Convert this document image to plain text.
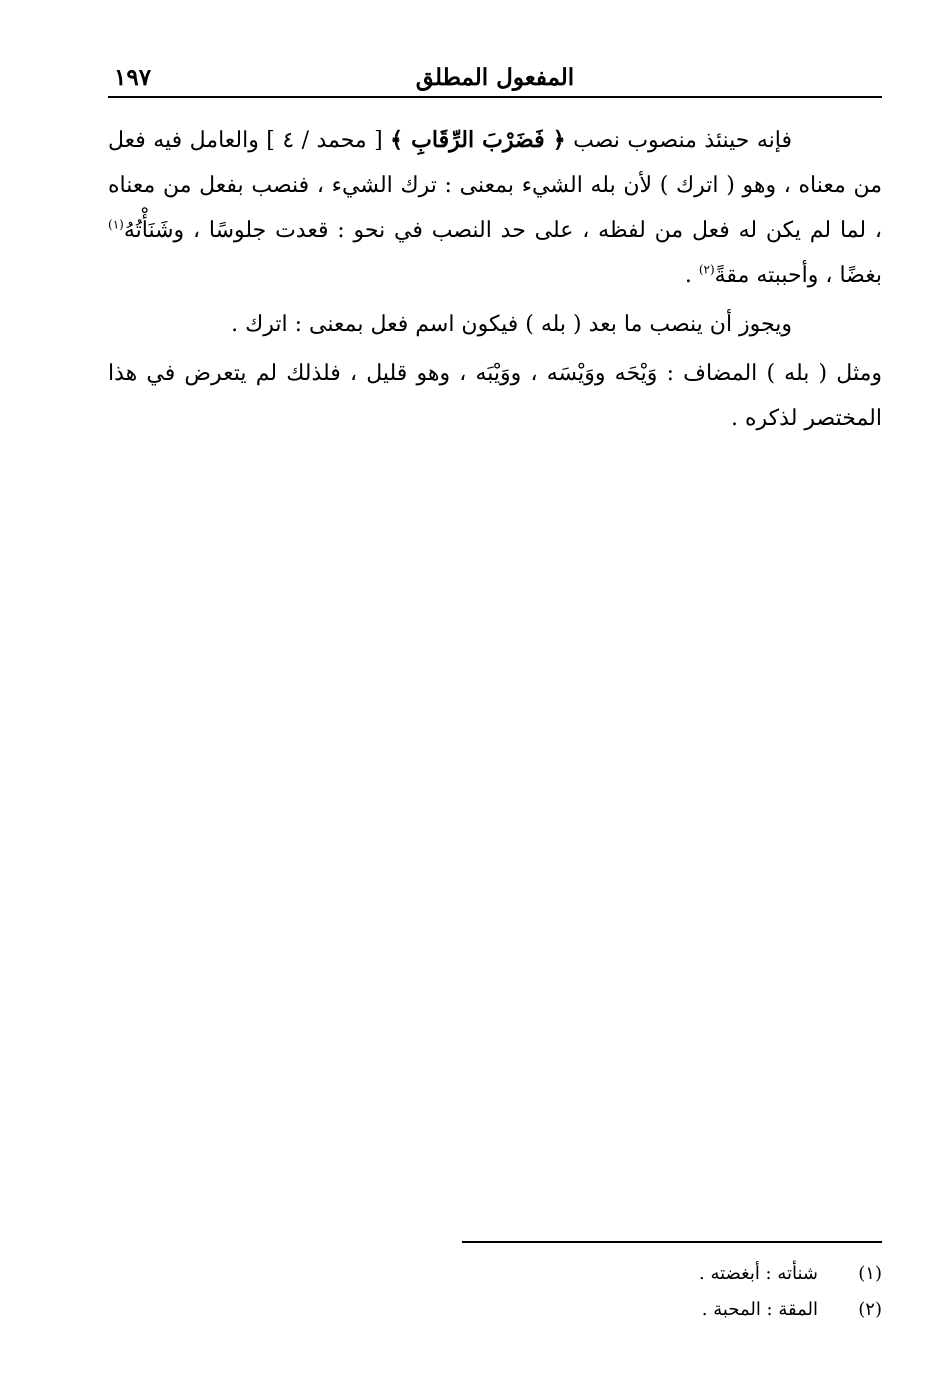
المفعول المطلق
١٩٧

فإنه حينئذ منصوب نصب ﴿ فَضَرْبَ الرِّقَابِ ﴾ [ محمد / ٤ ] والعامل فيه فعل من معناه ، وهو ( اترك ) لأن بله الشيء بمعنى : ترك الشيء ، فنصب بفعل من معناه ، لما لم يكن له فعل من لفظه ، على حد النصب في نحو : قعدت جلوسًا ، وشَنَأْتُهُ$^{(١)}$ بغضًا ، وأحببته مقةً$^{(٢)}$ .

ويجوز أن ينصب ما بعد ( بله ) فيكون اسم فعل بمعنى : اترك .

ومثل ( بله ) المضاف : وَيْحَه ووَيْسَه ، ووَيْبَه ، وهو قليل ، فلذلك لم يتعرض في هذا المختصر لذكره .

(١)
شنأته : أبغضته .
(٢)
المقة : المحبة .
